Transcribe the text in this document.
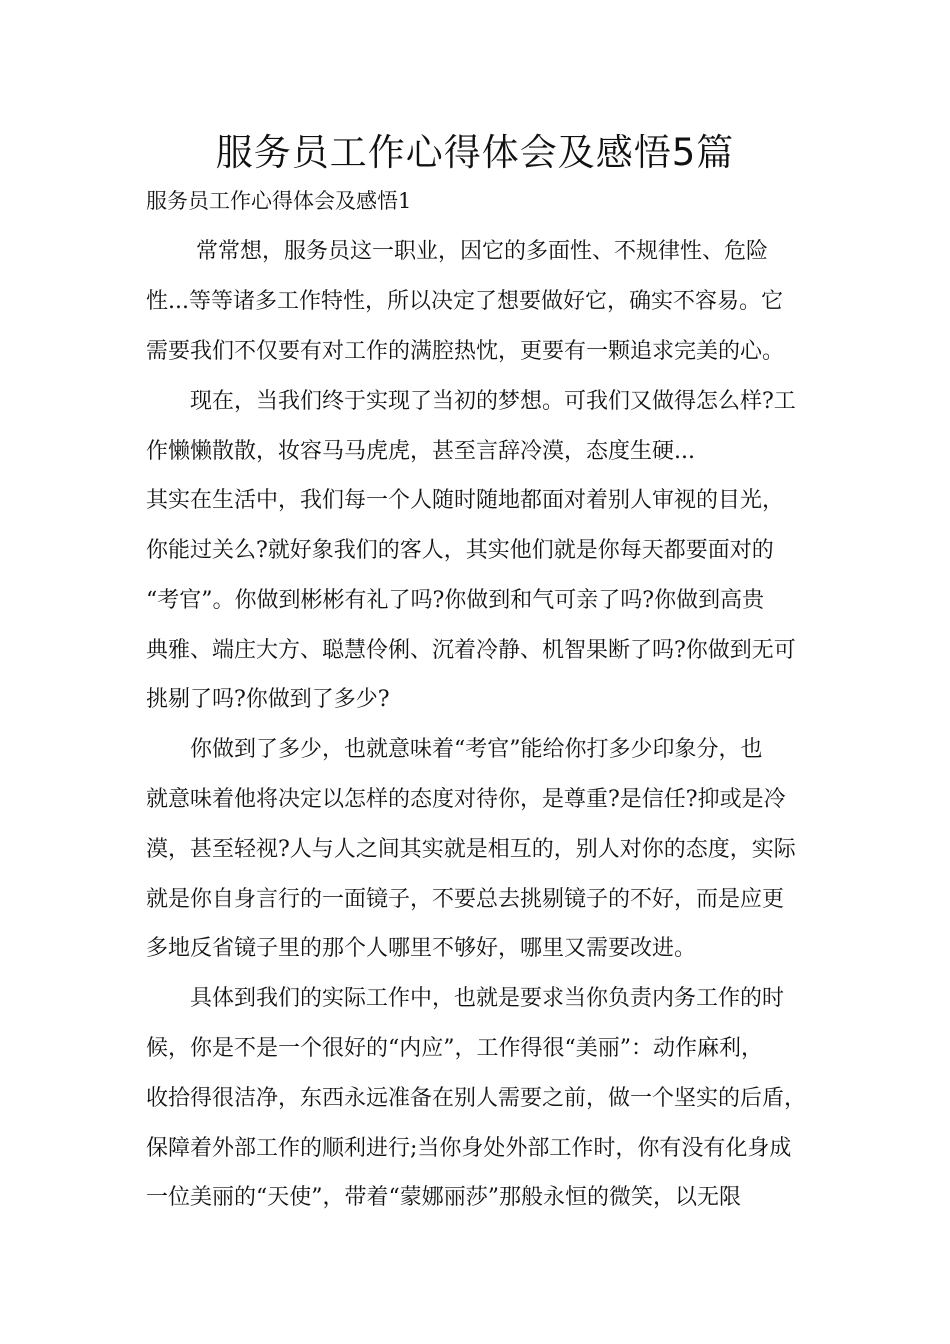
服务员工作心得体会及感悟5篇

服务员工作心得体会及感悟1

常常想，服务员这一职业，因它的多面性、不规律性、危险

性...等等诸多工作特性，所以决定了想要做好它，确实不容易。它

需要我们不仅要有对工作的满腔热忱，更要有一颗追求完美的心。

现在，当我们终于实现了当初的梦想。可我们又做得怎么样?工

作懒懒散散，妆容马马虎虎，甚至言辞冷漠，态度生硬...

其实在生活中，我们每一个人随时随地都面对着别人审视的目光，

你能过关么?就好象我们的客人，其实他们就是你每天都要面对的

“考官”。你做到彬彬有礼了吗?你做到和气可亲了吗?你做到高贵

典雅、端庄大方、聪慧伶俐、沉着冷静、机智果断了吗?你做到无可

挑剔了吗?你做到了多少?

你做到了多少，也就意味着“考官”能给你打多少印象分，也

就意味着他将决定以怎样的态度对待你，是尊重?是信任?抑或是冷

漠，甚至轻视?人与人之间其实就是相互的，别人对你的态度，实际

就是你自身言行的一面镜子，不要总去挑剔镜子的不好，而是应更

多地反省镜子里的那个人哪里不够好，哪里又需要改进。

具体到我们的实际工作中，也就是要求当你负责内务工作的时

候，你是不是一个很好的“内应”，工作得很“美丽”：动作麻利，

收拾得很洁净，东西永远准备在别人需要之前，做一个坚实的后盾，

保障着外部工作的顺利进行;当你身处外部工作时，你有没有化身成

一位美丽的“天使”，带着“蒙娜丽莎”那般永恒的微笑，以无限
